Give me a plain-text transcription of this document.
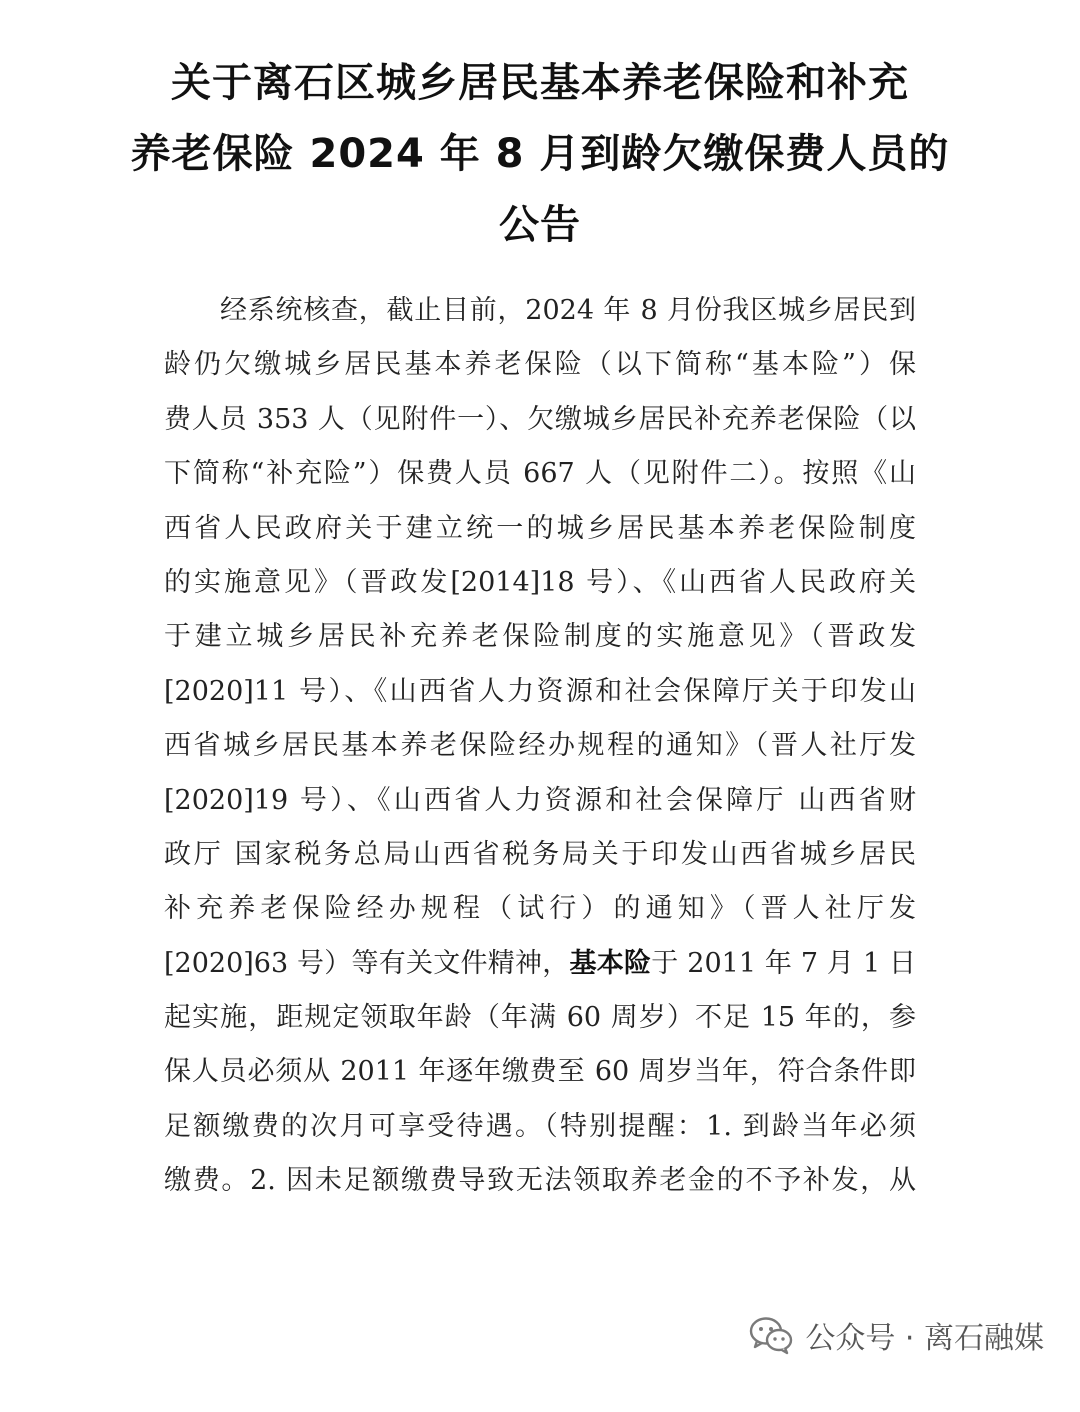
关于离石区城乡居民基本养老保险和补充
养老保险 2024 年 8 月到龄欠缴保费人员的
公告
经系统核查，截止目前，2024 年 8 月份我区城乡居民到
龄仍欠缴城乡居民基本养老保险（以下简称“基本险”）保
费人员 353 人（见附件一）、欠缴城乡居民补充养老保险（以
下简称“补充险”）保费人员 667 人（见附件二）。按照《山
西省人民政府关于建立统一的城乡居民基本养老保险制度
的实施意见》（晋政发[2014]18 号）、《山西省人民政府关
于建立城乡居民补充养老保险制度的实施意见》（晋政发
[2020]11 号）、《山西省人力资源和社会保障厅关于印发山
西省城乡居民基本养老保险经办规程的通知》（晋人社厅发
[2020]19 号）、《山西省人力资源和社会保障厅 山西省财
政厅 国家税务总局山西省税务局关于印发山西省城乡居民
补充养老保险经办规程（试行）的通知》（晋人社厅发
[2020]63 号）等有关文件精神，基本险于 2011 年 7 月 1 日
起实施，距规定领取年龄（年满 60 周岁）不足 15 年的，参
保人员必须从 2011 年逐年缴费至 60 周岁当年，符合条件即
足额缴费的次月可享受待遇。（特别提醒：1. 到龄当年必须
缴费。2. 因未足额缴费导致无法领取养老金的不予补发，从
公众号 · 离石融媒
